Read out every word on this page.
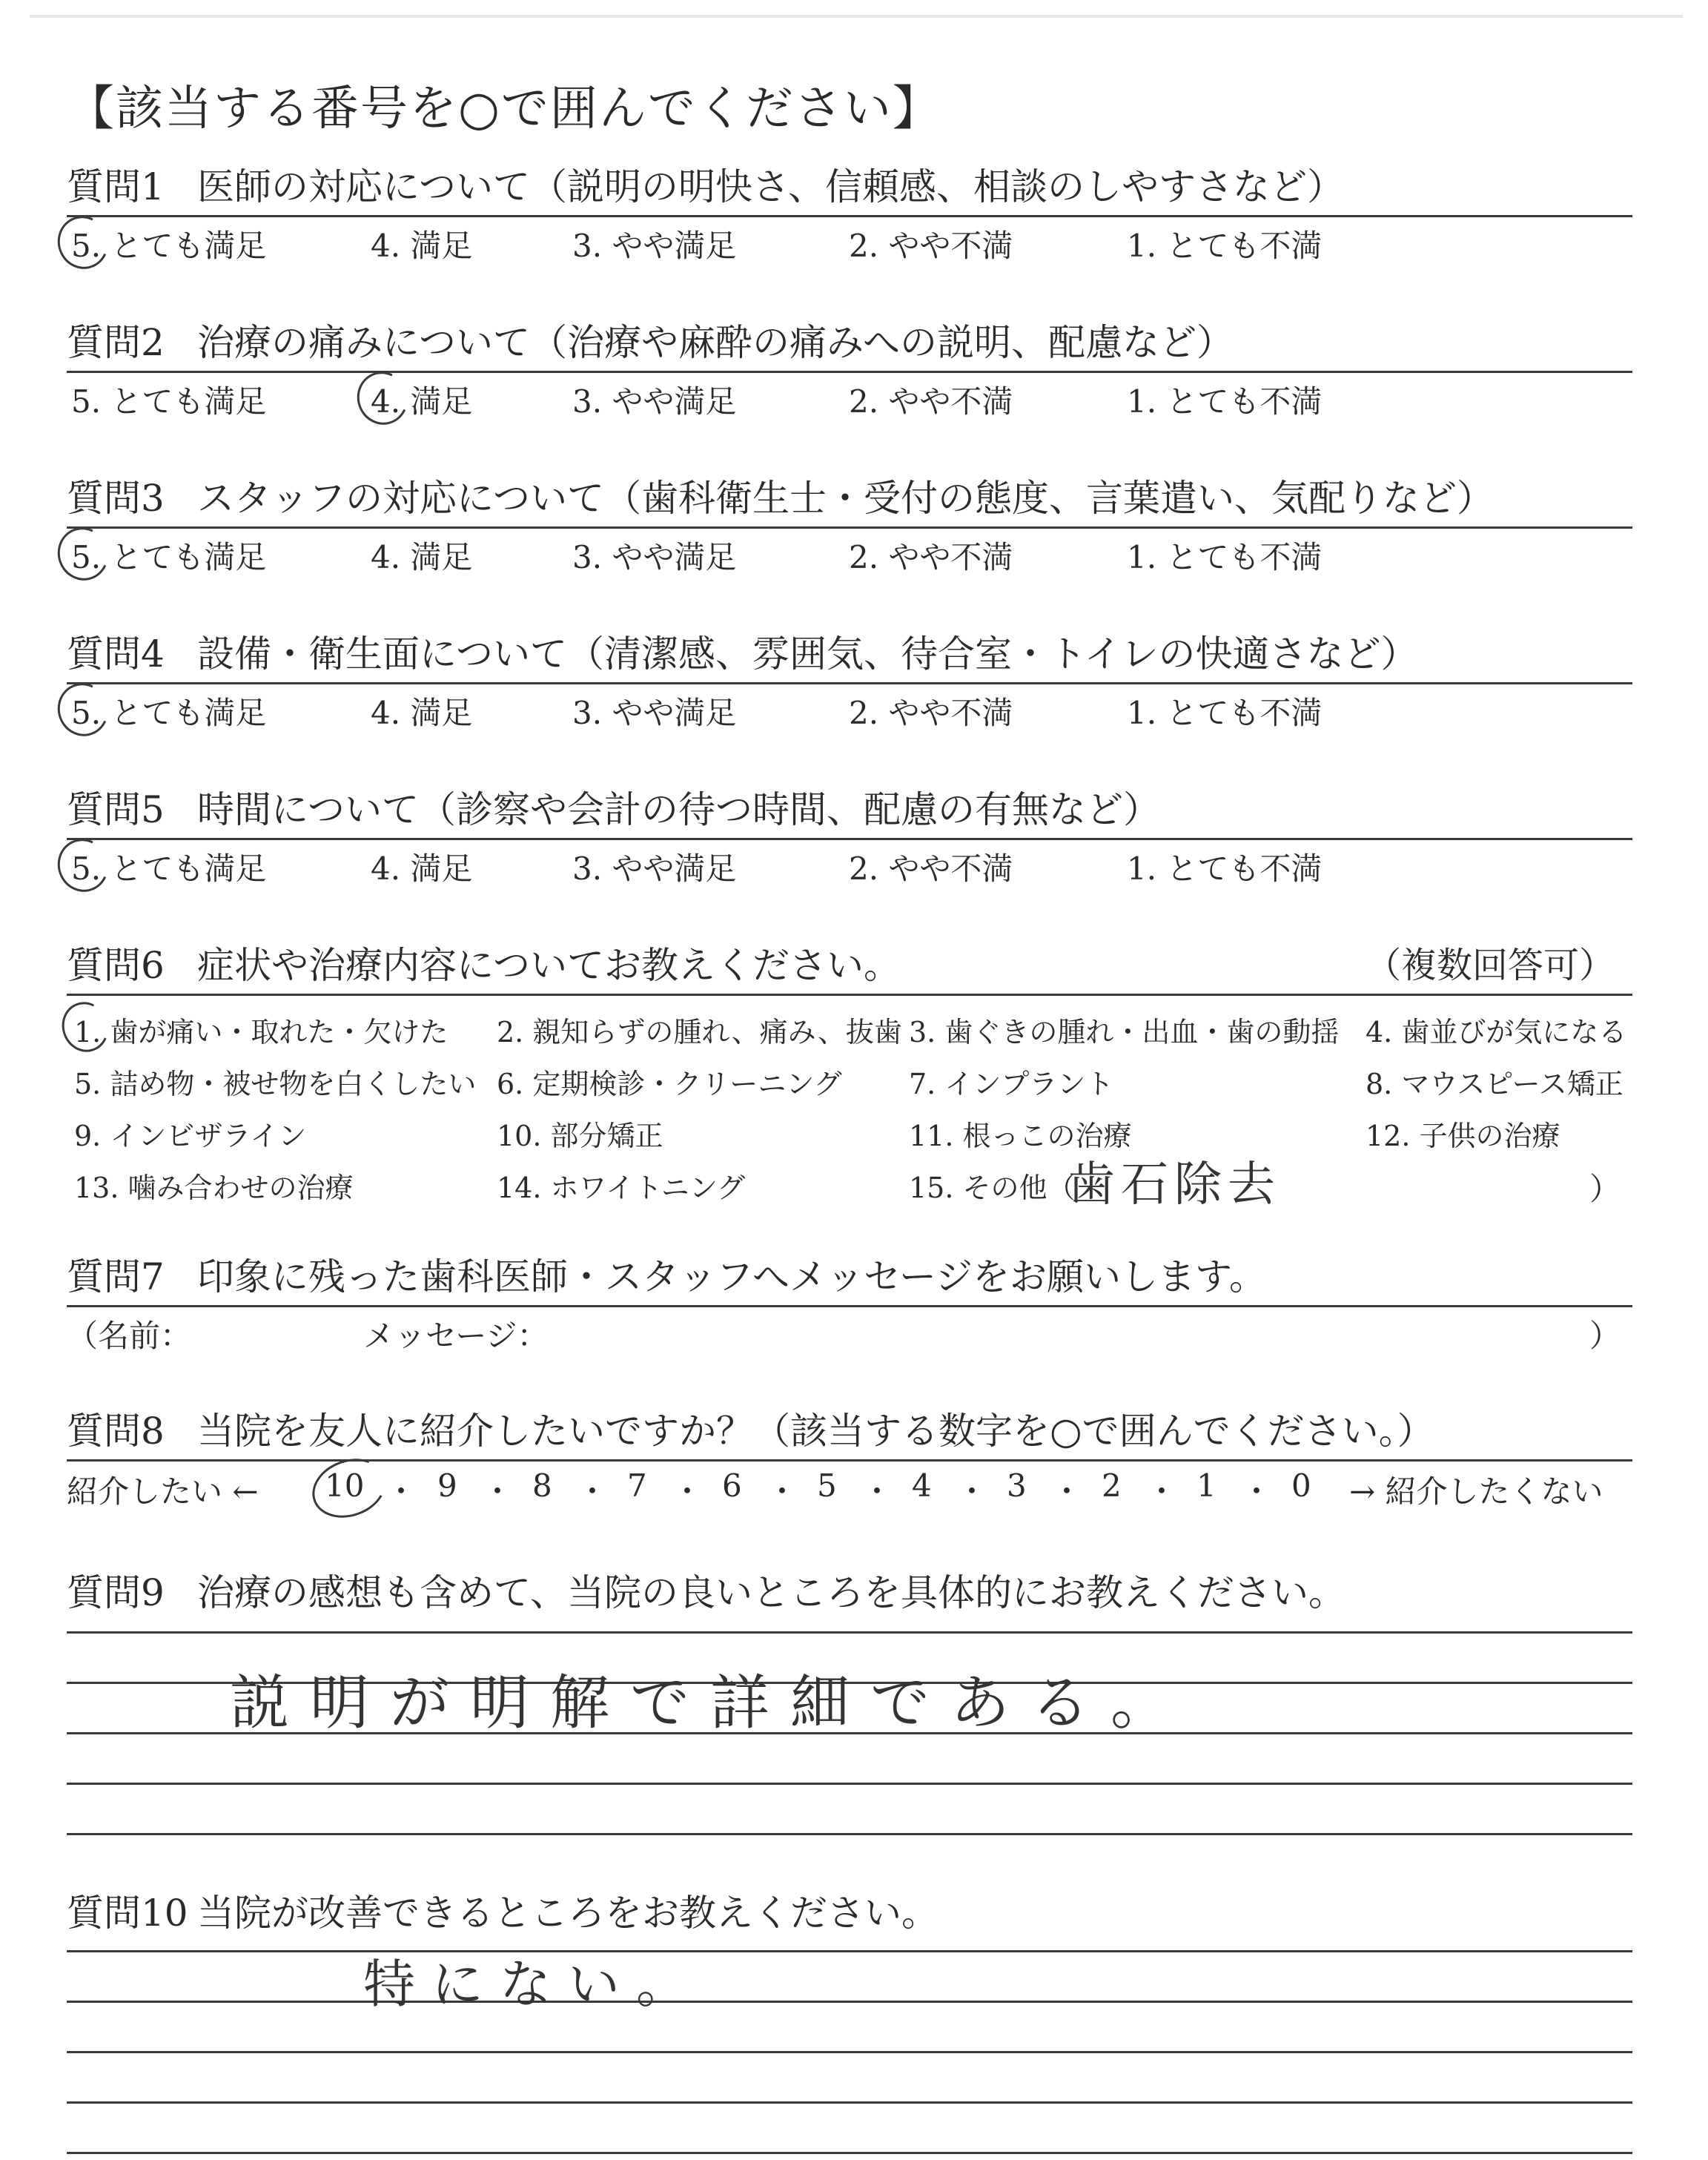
【該当する番号を○で囲んでください】
質問1 医師の対応について（説明の明快さ、信頼感、相談のしやすさなど）
5. とても満足	4. 満足	3. やや満足	2. やや不満	1. とても不満
質問2 治療の痛みについて（治療や麻酔の痛みへの説明、配慮など）
5. とても満足	4. 満足	3. やや満足	2. やや不満	1. とても不満
質問3 スタッフの対応について（歯科衛生士・受付の態度、言葉遣い、気配りなど）
5. とても満足	4. 満足	3. やや満足	2. やや不満	1. とても不満
質問4 設備・衛生面について（清潔感、雰囲気、待合室・トイレの快適さなど）
5. とても満足	4. 満足	3. やや満足	2. やや不満	1. とても不満
質問5 時間について（診察や会計の待つ時間、配慮の有無など）
5. とても満足	4. 満足	3. やや満足	2. やや不満	1. とても不満
質問6 症状や治療内容についてお教えください。	（複数回答可）
1. 歯が痛い・取れた・欠けた 2. 親知らずの腫れ、痛み、抜歯 3. 歯ぐきの腫れ・出血・歯の動揺 4. 歯並びが気になる
5. 詰め物・被せ物を白くしたい 6. 定期検診・クリーニング 7. インプラント	8. マウスピース矯正
9. インビザライン	10. 部分矯正	11. 根っこの治療	12. 子供の治療
13. 噛み合わせの治療	14. ホワイトニング	15. その他（
歯石除去	）
質問7 印象に残った歯科医師・スタッフへメッセージをお願いします。
（名前：	メッセージ：	）
質問8 当院を友人に紹介したいですか？（該当する数字を○で囲んでください。）
紹介したい ← 10 ・ 9 ・ 8 ・ 7 ・ 6 ・ 5 ・ 4 ・ 3 ・ 2 ・ 1 ・ 0 → 紹介したくない
質問9 治療の感想も含めて、当院の良いところを具体的にお教えください。
説明が明解で詳細である。
質問10 当院が改善できるところをお教えください。
特にない。
